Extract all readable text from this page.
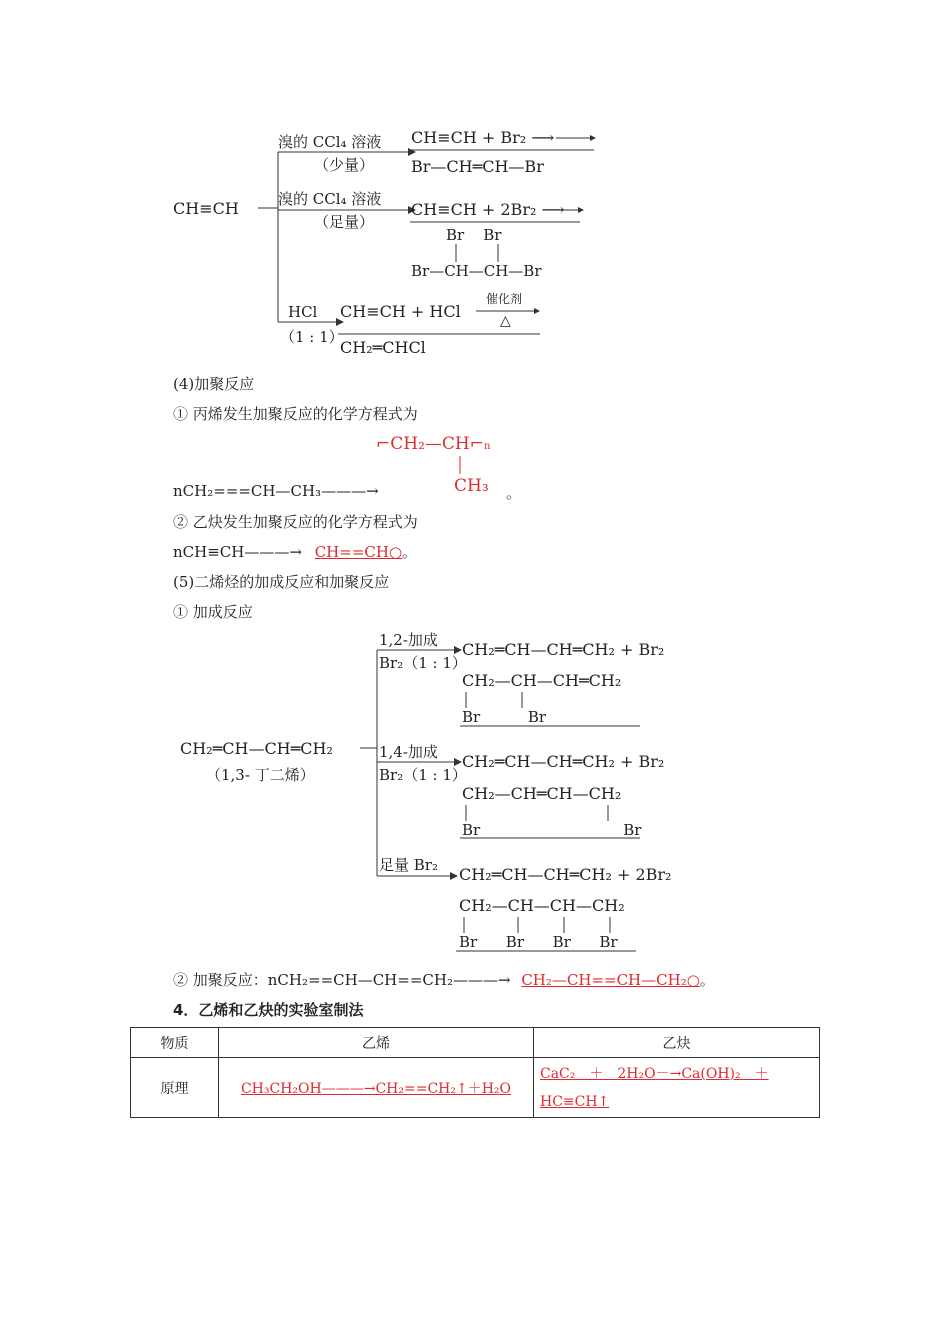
CH≡CH
溴的 CCl₄ 溶液
（少量）
CH≡CH + Br₂ ⟶
Br—CH═CH—Br
溴的 CCl₄ 溶液
（足量）
CH≡CH + 2Br₂ ⟶
Br    Br
Br—CH—CH—Br
HCl
（1 : 1）
CH≡CH + HCl
催化剂
△
CH₂═CHCl
(4)加聚反应
① 丙烯发生加聚反应的化学方程式为
⌐CH₂—CH⌐n
CH₃
nCH₂===CH—CH₃———→	。
② 乙炔发生加聚反应的化学方程式为
nCH≡CH———→ CH==CH○。
(5)二烯烃的加成反应和加聚反应
① 加成反应
CH₂═CH—CH═CH₂
（1,3- 丁二烯）
1,2-加成
Br₂（1 : 1）
CH₂═CH—CH═CH₂ + Br₂
CH₂—CH—CH═CH₂
Br          Br
1,4-加成
Br₂（1 : 1）
CH₂═CH—CH═CH₂ + Br₂
CH₂—CH═CH—CH₂
Br                              Br
足量 Br₂ CH₂═CH—CH═CH₂ + 2Br₂
CH₂—CH—CH—CH₂
Br      Br      Br      Br
② 加聚反应：nCH₂==CH—CH==CH₂———→ CH₂—CH==CH—CH₂○。
4．乙烯和乙炔的实验室制法
物质	乙烯	乙炔
原理	CH₃CH₂OH———→CH₂==CH₂↑＋H₂O	CaC₂　＋　2H₂O－→Ca(OH)₂　＋
HC≡CH↑
